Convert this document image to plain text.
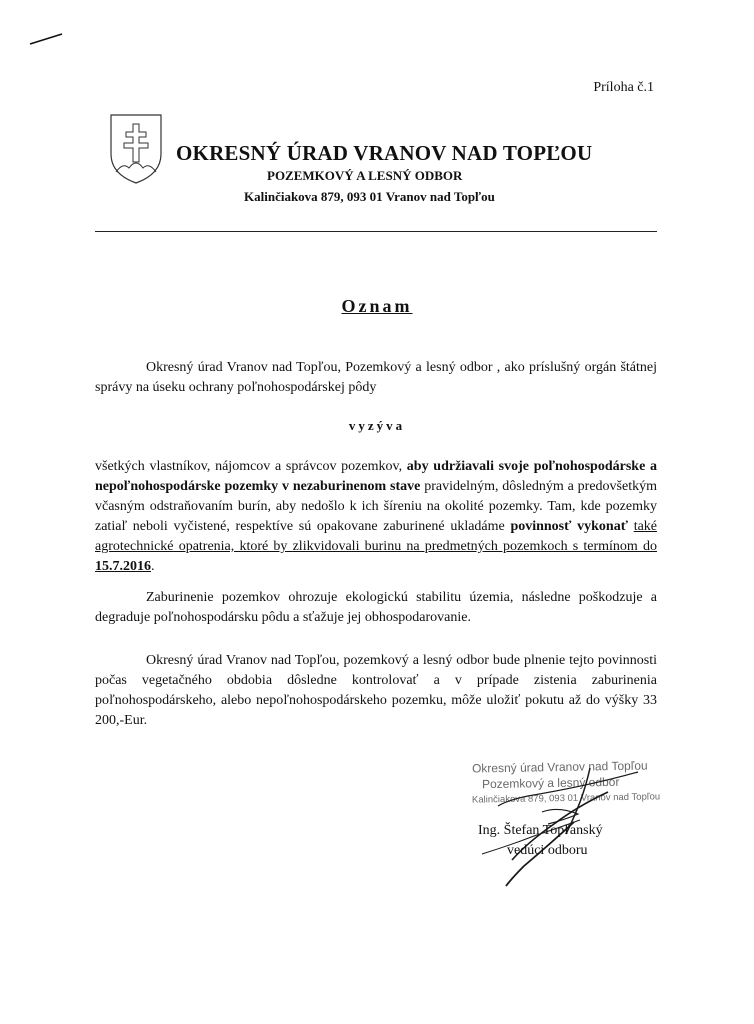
Príloha č.1
OKRESNÝ ÚRAD VRANOV NAD TOPĽOU
POZEMKOVÝ A LESNÝ ODBOR
Kalinčiakova 879, 093 01 Vranov nad Topľou
Oznam

Okresný úrad Vranov nad Topľou, Pozemkový a lesný odbor , ako príslušný orgán štátnej správy na úseku ochrany poľnohospodárskej pôdy

vyzýva

všetkých vlastníkov, nájomcov a správcov pozemkov, aby udržiavali svoje poľnohospodárske a nepoľnohospodárske pozemky v nezaburinenom stave pravidelným, dôsledným a predovšetkým včasným odstraňovaním burín, aby nedošlo k ich šíreniu na okolité pozemky. Tam, kde pozemky zatiaľ neboli vyčistené, respektíve sú opakovane zaburinené ukladáme povinnosť vykonať také agrotechnické opatrenia, ktoré by zlikvidovali burinu na predmetných pozemkoch s termínom do 15.7.2016.

Zaburinenie pozemkov ohrozuje ekologickú stabilitu územia, následne poškodzuje a degraduje poľnohospodársku pôdu a sťažuje jej obhospodarovanie.

Okresný úrad Vranov nad Topľou, pozemkový a lesný odbor bude plnenie tejto povinnosti počas vegetačného obdobia dôsledne kontrolovať a v prípade zistenia zaburinenia poľnohospodárskeho, alebo nepoľnohospodárskeho pozemku, môže uložiť pokutu až do výšky 33 200,-Eur.

Okresný úrad Vranov nad Topľou
Pozemkový a lesný odbor
Kalinčiakova 879, 093 01 Vranov nad Topľou
Ing. Štefan Topľanský
vedúci odboru
